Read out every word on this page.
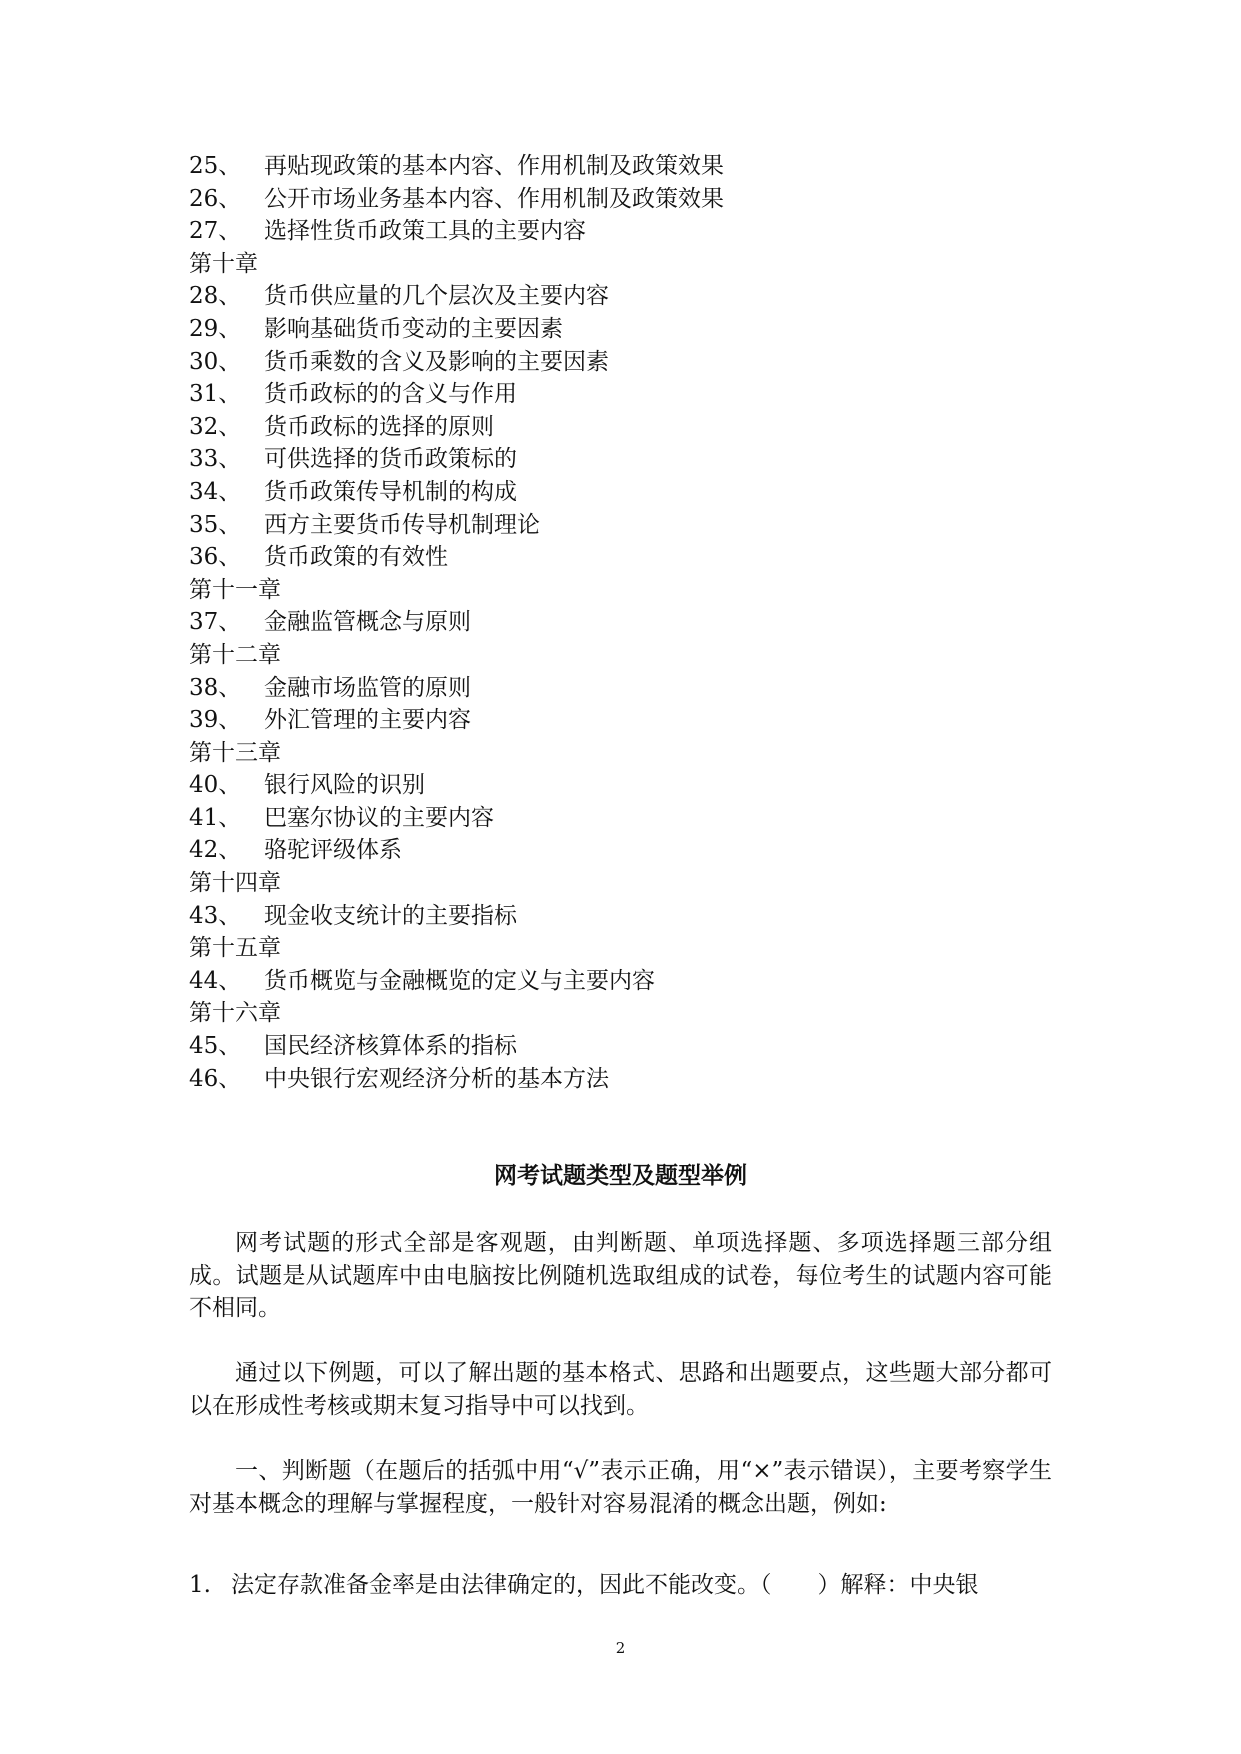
25、 再贴现政策的基本内容、作用机制及政策效果
26、 公开市场业务基本内容、作用机制及政策效果
27、 选择性货币政策工具的主要内容
第十章
28、 货币供应量的几个层次及主要内容
29、 影响基础货币变动的主要因素
30、 货币乘数的含义及影响的主要因素
31、 货币政标的的含义与作用
32、 货币政标的选择的原则
33、 可供选择的货币政策标的
34、 货币政策传导机制的构成
35、 西方主要货币传导机制理论
36、 货币政策的有效性
第十一章
37、 金融监管概念与原则
第十二章
38、 金融市场监管的原则
39、 外汇管理的主要内容
第十三章
40、 银行风险的识别
41、 巴塞尔协议的主要内容
42、 骆驼评级体系
第十四章
43、 现金收支统计的主要指标
第十五章
44、 货币概览与金融概览的定义与主要内容
第十六章
45、 国民经济核算体系的指标
46、 中央银行宏观经济分析的基本方法
网考试题类型及题型举例
网考试题的形式全部是客观题，由判断题、单项选择题、多项选择题三部分组成。试题是从试题库中由电脑按比例随机选取组成的试卷，每位考生的试题内容可能不相同。
通过以下例题，可以了解出题的基本格式、思路和出题要点，这些题大部分都可以在形成性考核或期末复习指导中可以找到。
一、判断题（在题后的括弧中用“√”表示正确，用“×”表示错误），主要考察学生对基本概念的理解与掌握程度，一般针对容易混淆的概念出题，例如:
1. 法定存款准备金率是由法律确定的，因此不能改变。（　　）解释：中央银
2
